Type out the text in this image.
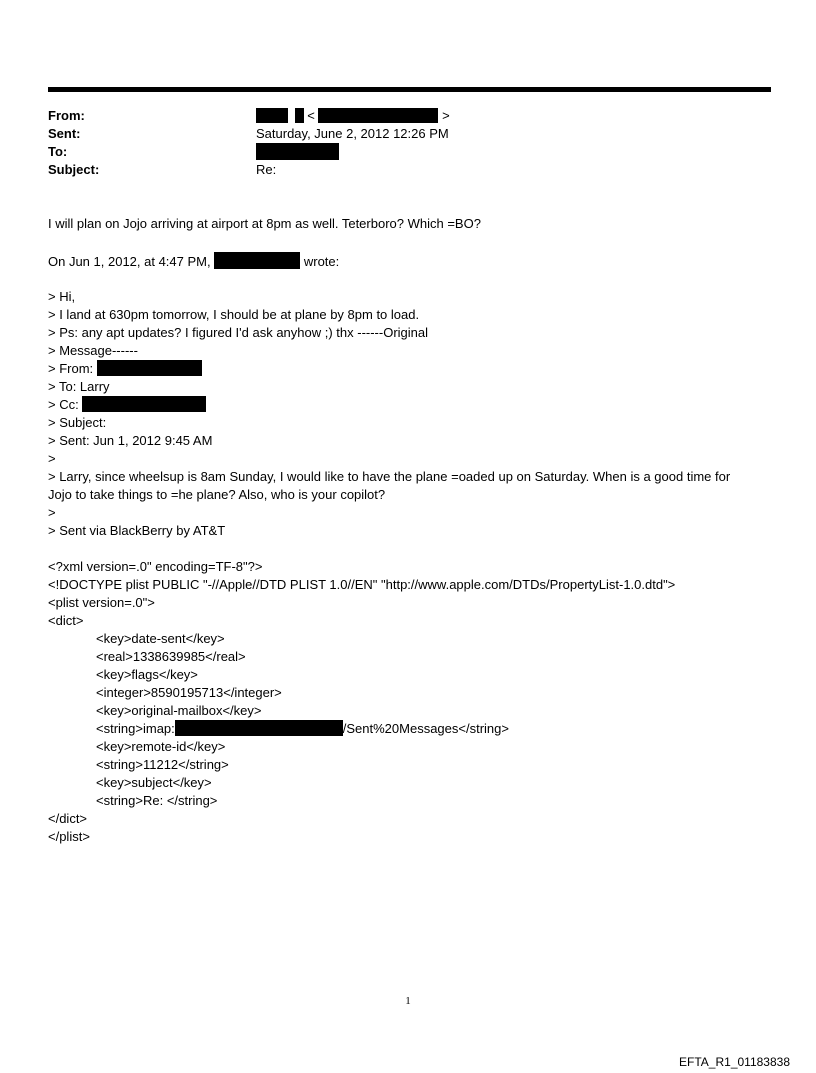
From:	<	>
Sent:	Saturday, June 2, 2012 12:26 PM
To:
Subject:	Re:
I will plan on Jojo arriving at airport at 8pm as well. Teterboro? Which =BO?
On Jun 1, 2012, at 4:47 PM,	wrote:
> Hi,
> I land at 630pm tomorrow, I should be at plane by 8pm to load.
> Ps: any apt updates? I figured I'd ask anyhow ;) thx ------Original
> Message------
> From:
> To: Larry
> Cc:
> Subject:
> Sent: Jun 1, 2012 9:45 AM
>
> Larry, since wheelsup is 8am Sunday, I would like to have the plane =oaded up on Saturday. When is a good time for
Jojo to take things to =he plane? Also, who is your copilot?
>
> Sent via BlackBerry by AT&T
<?xml version=.0" encoding=TF-8"?>
<!DOCTYPE plist PUBLIC "-//Apple//DTD PLIST 1.0//EN" "http://www.apple.com/DTDs/PropertyList-1.0.dtd">
<plist version=.0">
<dict>
<key>date-sent</key>
<real>1338639985</real>
<key>flags</key>
<integer>8590195713</integer>
<key>original-mailbox</key>
<string>imap:	/Sent%20Messages</string>
<key>remote-id</key>
<string>11212</string>
<key>subject</key>
<string>Re: </string>
</dict>
</plist>
1
EFTA_R1_01183838
